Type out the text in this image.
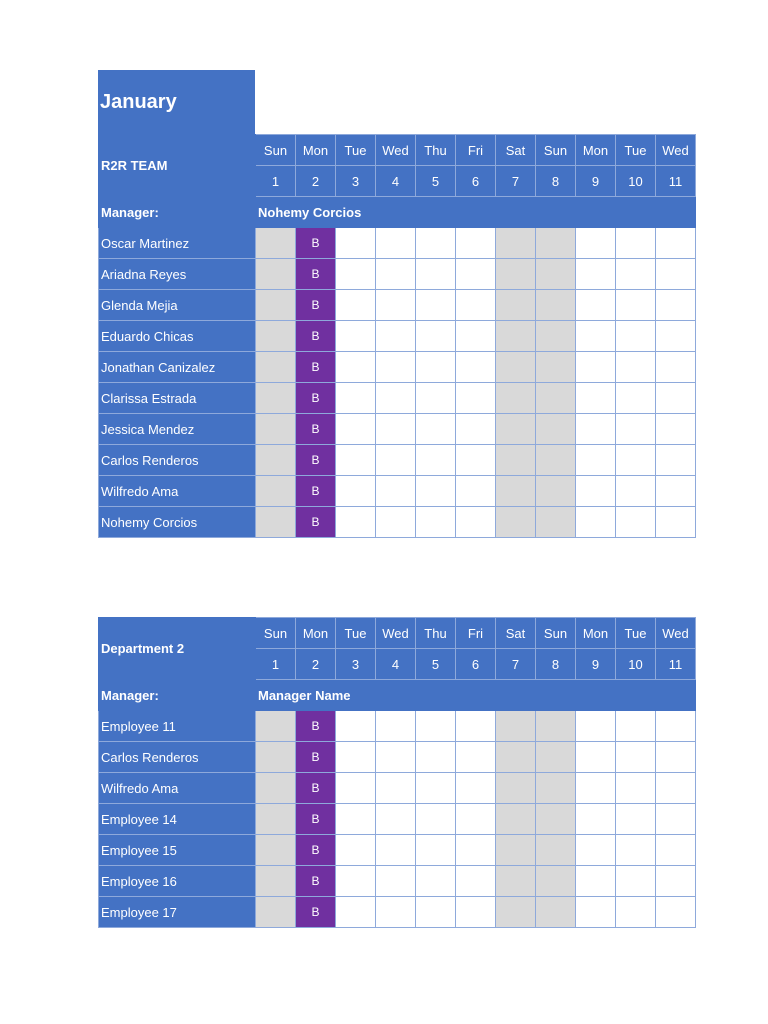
January
R2R TEAM	Sun	Mon	Tue	Wed	Thu	Fri	Sat	Sun	Mon	Tue	Wed
	1	2	3	4	5	6	7	8	9	10	11
Manager:	Nohemy Corcios										
Oscar Martinez		B									
Ariadna Reyes		B									
Glenda Mejia		B									
Eduardo Chicas		B									
Jonathan Canizalez		B									
Clarissa Estrada		B									
Jessica Mendez		B									
Carlos Renderos		B									
Wilfredo Ama		B									
Nohemy Corcios		B									
Department 2	Sun	Mon	Tue	Wed	Thu	Fri	Sat	Sun	Mon	Tue	Wed
	1	2	3	4	5	6	7	8	9	10	11
Manager:	Manager Name										
Employee 11		B									
Carlos Renderos		B									
Wilfredo Ama		B									
Employee 14		B									
Employee 15		B									
Employee 16		B									
Employee 17		B									
